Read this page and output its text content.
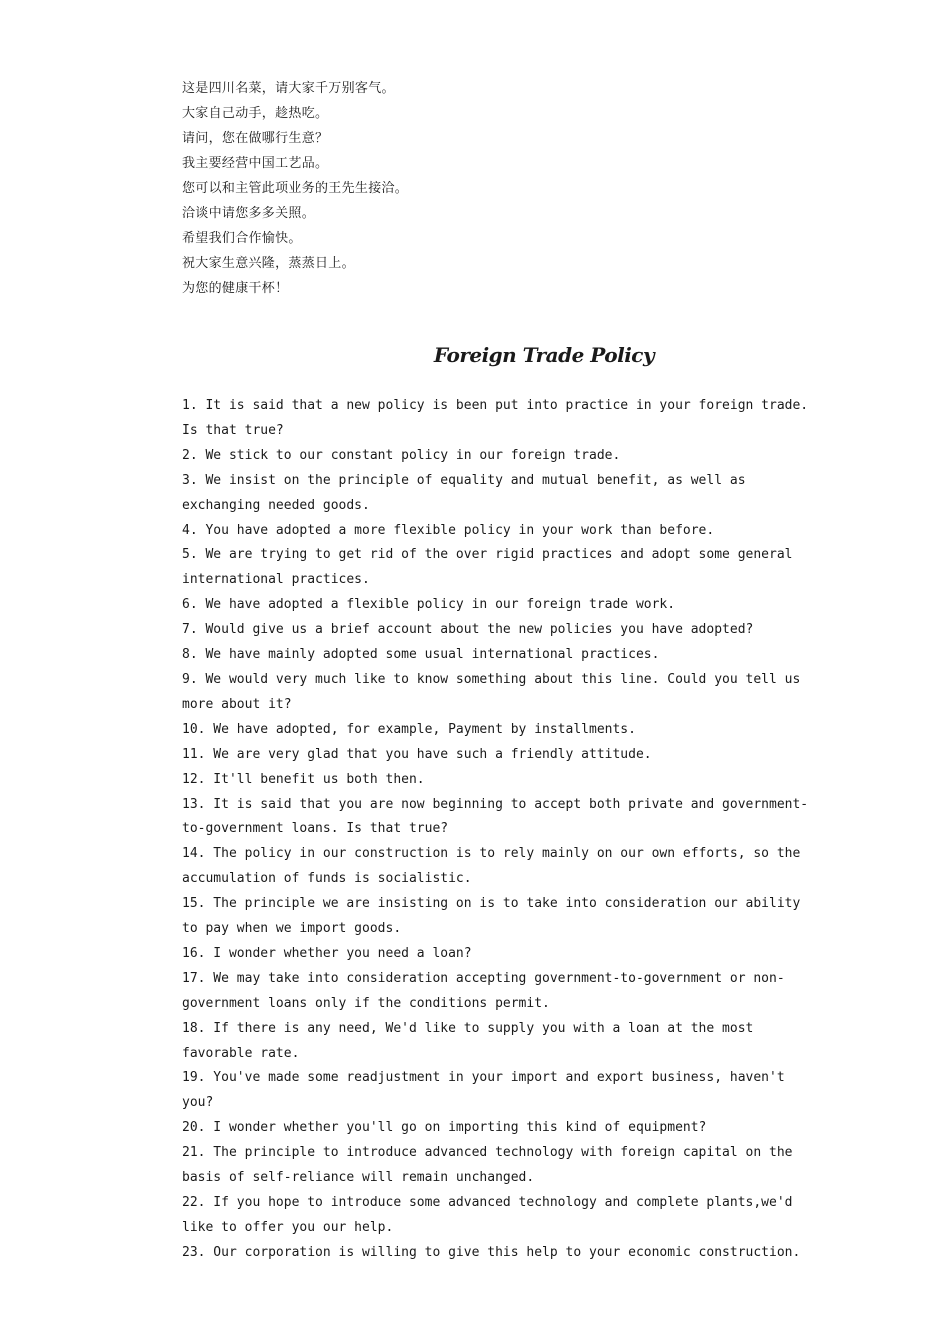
这是四川名菜，请大家千万别客气。
大家自己动手，趁热吃。
请问，您在做哪行生意？
我主要经营中国工艺品。
您可以和主管此项业务的王先生接洽。
洽谈中请您多多关照。
希望我们合作愉快。
祝大家生意兴隆，蒸蒸日上。
为您的健康干杯！
Foreign Trade Policy

1. It is said that a new policy is been put into practice in your foreign trade. Is that true?

2. We stick to our constant policy in our foreign trade.

3. We insist on the principle of equality and mutual benefit, as well as exchanging needed goods.

4. You have adopted a more flexible policy in your work than before.

5. We are trying to get rid of the over rigid practices and adopt some general international practices.

6. We have adopted a flexible policy in our foreign trade work.

7. Would give us a brief account about the new policies you have adopted?

8. We have mainly adopted some usual international practices.

9. We would very much like to know something about this line. Could you tell us more about it?

10. We have adopted, for example, Payment by installments.

11. We are very glad that you have such a friendly attitude.

12. It'll benefit us both then.

13. It is said that you are now beginning to accept both private and government-to-government loans. Is that true?

14. The policy in our construction is to rely mainly on our own efforts, so the accumulation of funds is socialistic.

15. The principle we are insisting on is to take into consideration our ability to pay when we import goods.

16. I wonder whether you need a loan?

17. We may take into consideration accepting government-to-government or non-government loans only if the conditions permit.

18. If there is any need, We'd like to supply you with a loan at the most favorable rate.

19. You've made some readjustment in your import and export business, haven't you?

20. I wonder whether you'll go on importing this kind of equipment?

21. The principle to introduce advanced technology with foreign capital on the basis of self-reliance will remain unchanged.

22. If you hope to introduce some advanced technology and complete plants,we'd like to offer you our help.

23. Our corporation is willing to give this help to your economic construction.
